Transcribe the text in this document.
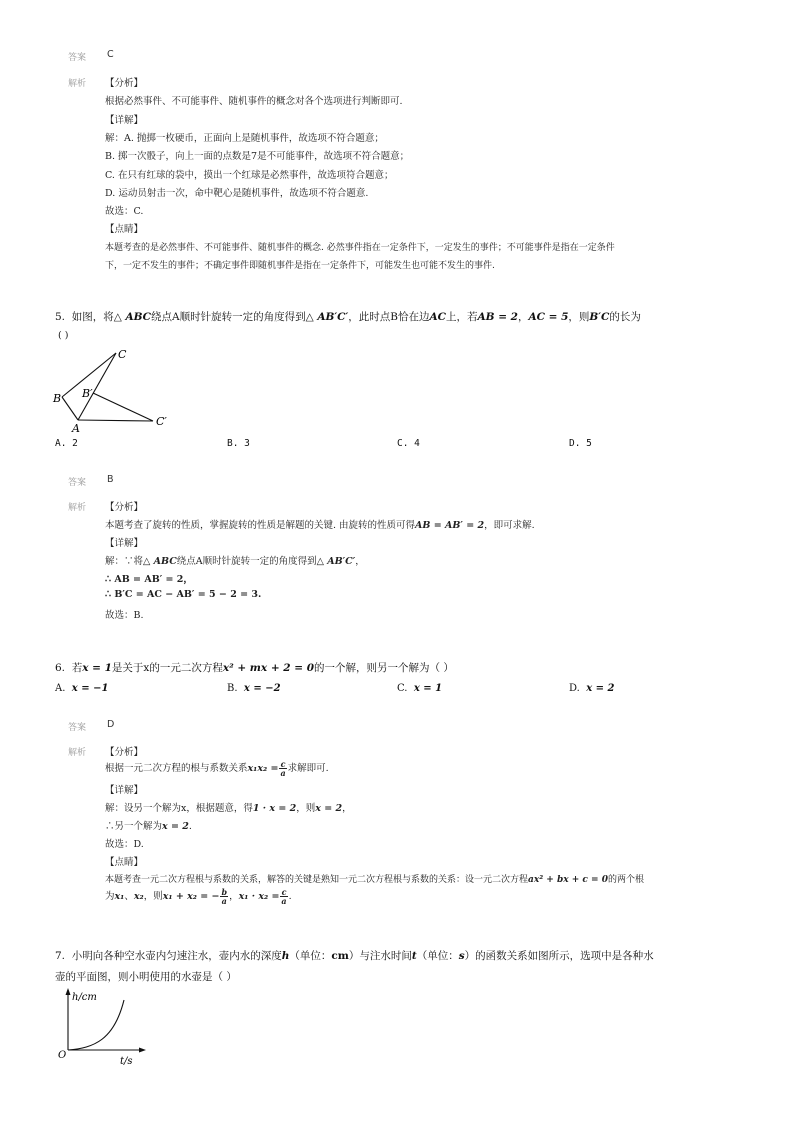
答案 C
解析 【分析】
根据必然事件、不可能事件、随机事件的概念对各个选项进行判断即可.
【详解】
解：A. 抛掷一枚硬币，正面向上是随机事件，故选项不符合题意；
B. 掷一次骰子，向上一面的点数是7是不可能事件，故选项不符合题意；
C. 在只有红球的袋中，摸出一个红球是必然事件，故选项符合题意；
D. 运动员射击一次，命中靶心是随机事件，故选项不符合题意.
故选：C.
【点睛】
本题考查的是必然事件、不可能事件、随机事件的概念. 必然事件指在一定条件下，一定发生的事件；不可能事件是指在一定条件
下，一定不发生的事件；不确定事件即随机事件是指在一定条件下，可能发生也可能不发生的事件.
5. 如图，将△ ABC绕点A顺时针旋转一定的角度得到△ AB′C′，此时点B恰在边AC上，若AB = 2，AC = 5，则B′C的长为
( )
C
B B′
A
C′
A. 2	B. 3	C. 4	D. 5
答案 B
解析 【分析】
本题考查了旋转的性质，掌握旋转的性质是解题的关键. 由旋转的性质可得AB = AB′ = 2，即可求解.
【详解】
解：∵将△ ABC绕点A顺时针旋转一定的角度得到△ AB′C′，
∴ AB = AB′ = 2，
∴ B′C = AC − AB′ = 5 − 2 = 3.
故选：B.
6. 若x = 1是关于x的一元二次方程x² + mx + 2 = 0的一个解，则另一个解为（ ）
A. x = −1	B. x = −2	C. x = 1	D. x = 2
答案 D
解析 【分析】
根据一元二次方程的根与系数关系$x_1x_2 = \frac{c}{a}$ 求解即可.
【详解】
解：设另一个解为x，根据题意，得1 · x = 2，则x = 2，
∴另一个解为x = 2.
故选：D.
【点睛】
本题考查一元二次方程根与系数的关系，解答的关键是熟知一元二次方程根与系数的关系：设一元二次方程ax² + bx + c = 0的两个根
为x₁、x₂，则x₁ + x₂ = − $\frac{b}{a}$ ，$x_1 \cdot x_2 = \frac{c}{a}$ .
7. 小明向各种空水壶内匀速注水，壶内水的深度h（单位：cm）与注水时间t（单位：s）的函数关系如图所示，选项中是各种水
壶的平面图，则小明使用的水壶是（ ）
h/cm
O
t/s
